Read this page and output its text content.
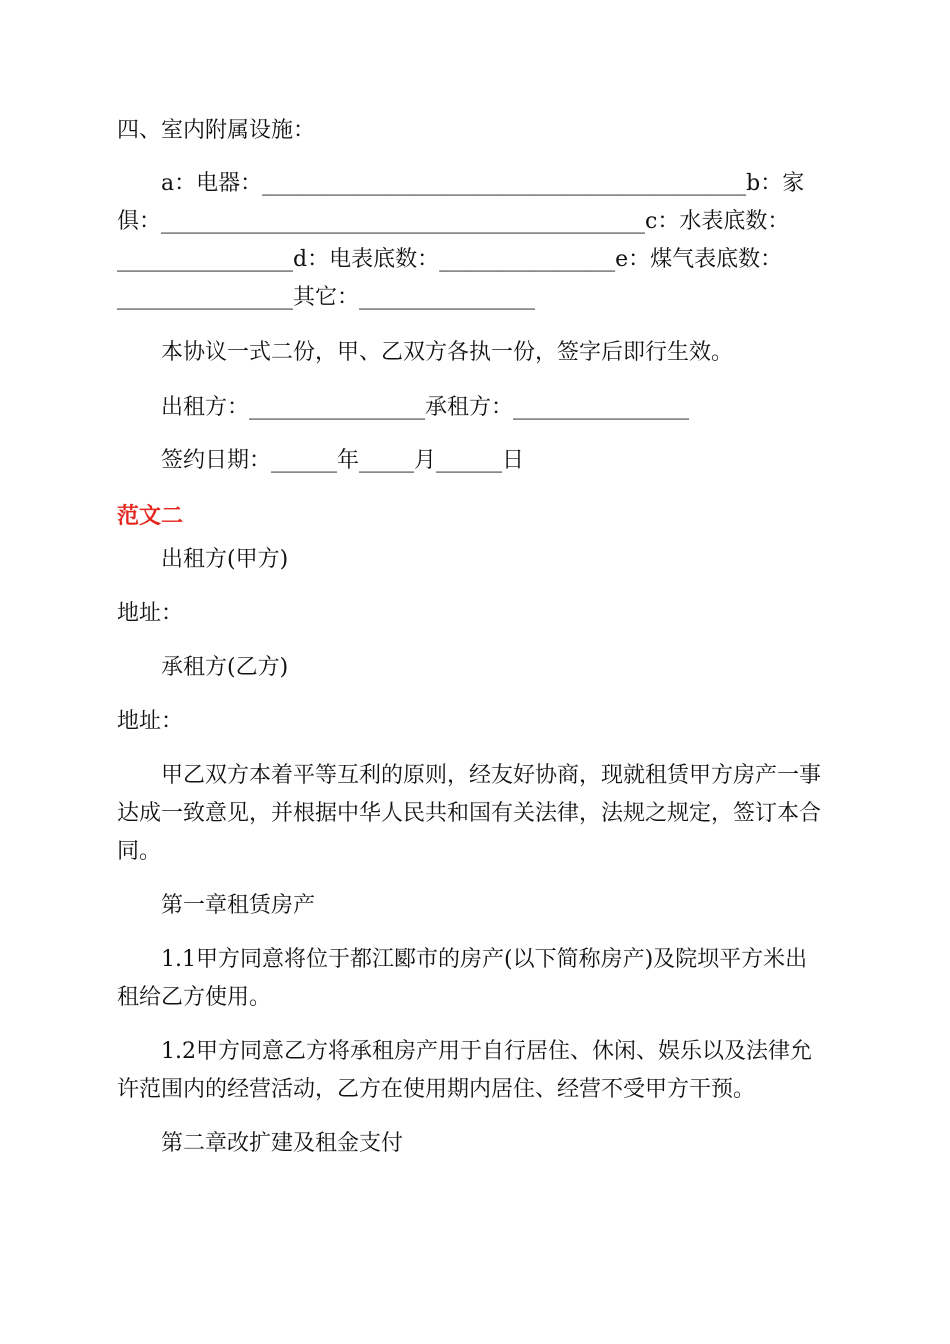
四、室内附属设施：
a：电器：____________________________________________b：家
俱：____________________________________________c：水表底数：
________________d：电表底数：________________e：煤气表底数：
________________其它：________________
本协议一式二份，甲、乙双方各执一份，签字后即行生效。
出租方：________________承租方：________________
签约日期：______年_____月______日
范文二
出租方(甲方)
地址：
承租方(乙方)
地址：
甲乙双方本着平等互利的原则，经友好协商，现就租赁甲方房产一事
达成一致意见，并根据中华人民共和国有关法律，法规之规定，签订本合
同。
第一章租赁房产
1.1甲方同意将位于都江郾市的房产(以下简称房产)及院坝平方米出
租给乙方使用。
1.2甲方同意乙方将承租房产用于自行居住、休闲、娱乐以及法律允
许范围内的经营活动，乙方在使用期内居住、经营不受甲方干预。
第二章改扩建及租金支付
